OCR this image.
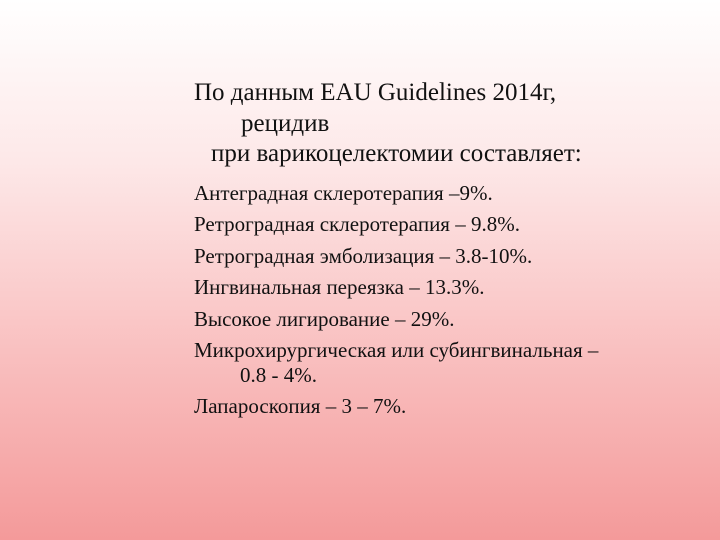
По данным EAU Guidelines 2014г,
рецидив
при варикоцелектомии составляет:
Антеградная склеротерапия –9%.
Ретроградная склеротерапия – 9.8%.
Ретроградная эмболизация – 3.8-10%.
Ингвинальная переязка – 13.3%.
Высокое лигирование – 29%.
Микрохирургическая или субингвинальная –
0.8 - 4%.
Лапароскопия – 3 – 7%.
